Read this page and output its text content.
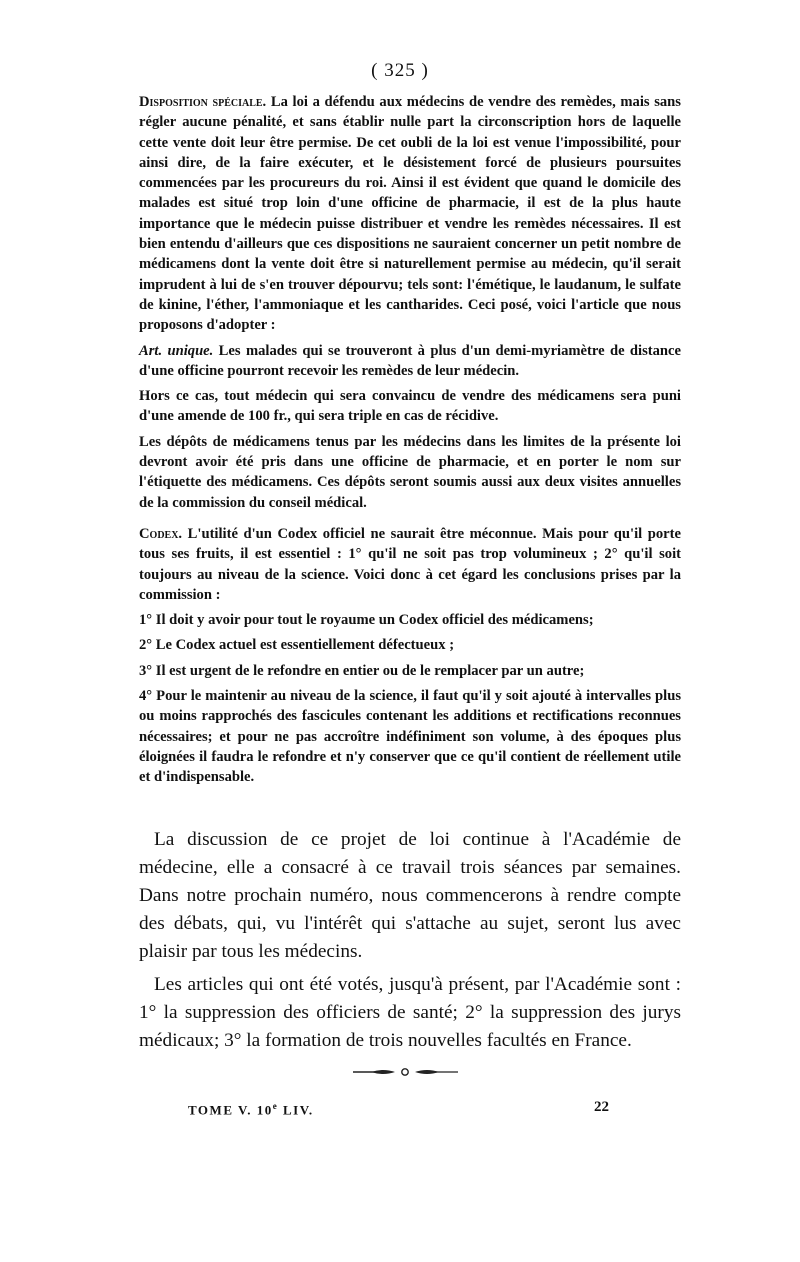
( 325 )

Disposition spéciale. La loi a défendu aux médecins de vendre des remèdes, mais sans régler aucune pénalité, et sans établir nulle part la circonscription hors de laquelle cette vente doit leur être permise. De cet oubli de la loi est venue l'impossibilité, pour ainsi dire, de la faire exécuter, et le désistement forcé de plusieurs poursuites commencées par les procureurs du roi. Ainsi il est évident que quand le domicile des malades est situé trop loin d'une officine de pharmacie, il est de la plus haute importance que le médecin puisse distribuer et vendre les remèdes nécessaires. Il est bien entendu d'ailleurs que ces dispositions ne sauraient concerner un petit nombre de médicamens dont la vente doit être si naturellement permise au médecin, qu'il serait imprudent à lui de s'en trouver dépourvu; tels sont: l'émétique, le laudanum, le sulfate de kinine, l'éther, l'ammoniaque et les cantharides. Ceci posé, voici l'article que nous proposons d'adopter :

Art. unique. Les malades qui se trouveront à plus d'un demi-myriamètre de distance d'une officine pourront recevoir les remèdes de leur médecin.

Hors ce cas, tout médecin qui sera convaincu de vendre des médicamens sera puni d'une amende de 100 fr., qui sera triple en cas de récidive.

Les dépôts de médicamens tenus par les médecins dans les limites de la présente loi devront avoir été pris dans une officine de pharmacie, et en porter le nom sur l'étiquette des médicamens. Ces dépôts seront soumis aussi aux deux visites annuelles de la commission du conseil médical.

Codex. L'utilité d'un Codex officiel ne saurait être méconnue. Mais pour qu'il porte tous ses fruits, il est essentiel : 1° qu'il ne soit pas trop volumineux ; 2° qu'il soit toujours au niveau de la science. Voici donc à cet égard les conclusions prises par la commission :

1° Il doit y avoir pour tout le royaume un Codex officiel des médicamens;

2° Le Codex actuel est essentiellement défectueux ;

3° Il est urgent de le refondre en entier ou de le remplacer par un autre;

4° Pour le maintenir au niveau de la science, il faut qu'il y soit ajouté à intervalles plus ou moins rapprochés des fascicules contenant les additions et rectifications reconnues nécessaires; et pour ne pas accroître indéfiniment son volume, à des époques plus éloignées il faudra le refondre et n'y conserver que ce qu'il contient de réellement utile et d'indispensable.

La discussion de ce projet de loi continue à l'Académie de médecine, elle a consacré à ce travail trois séances par semaines. Dans notre prochain numéro, nous commencerons à rendre compte des débats, qui, vu l'intérêt qui s'attache au sujet, seront lus avec plaisir par tous les médecins.

Les articles qui ont été votés, jusqu'à présent, par l'Académie sont : 1° la suppression des officiers de santé; 2° la suppression des jurys médicaux; 3° la formation de trois nouvelles facultés en France.

TOME V. 10e LIV.	22
